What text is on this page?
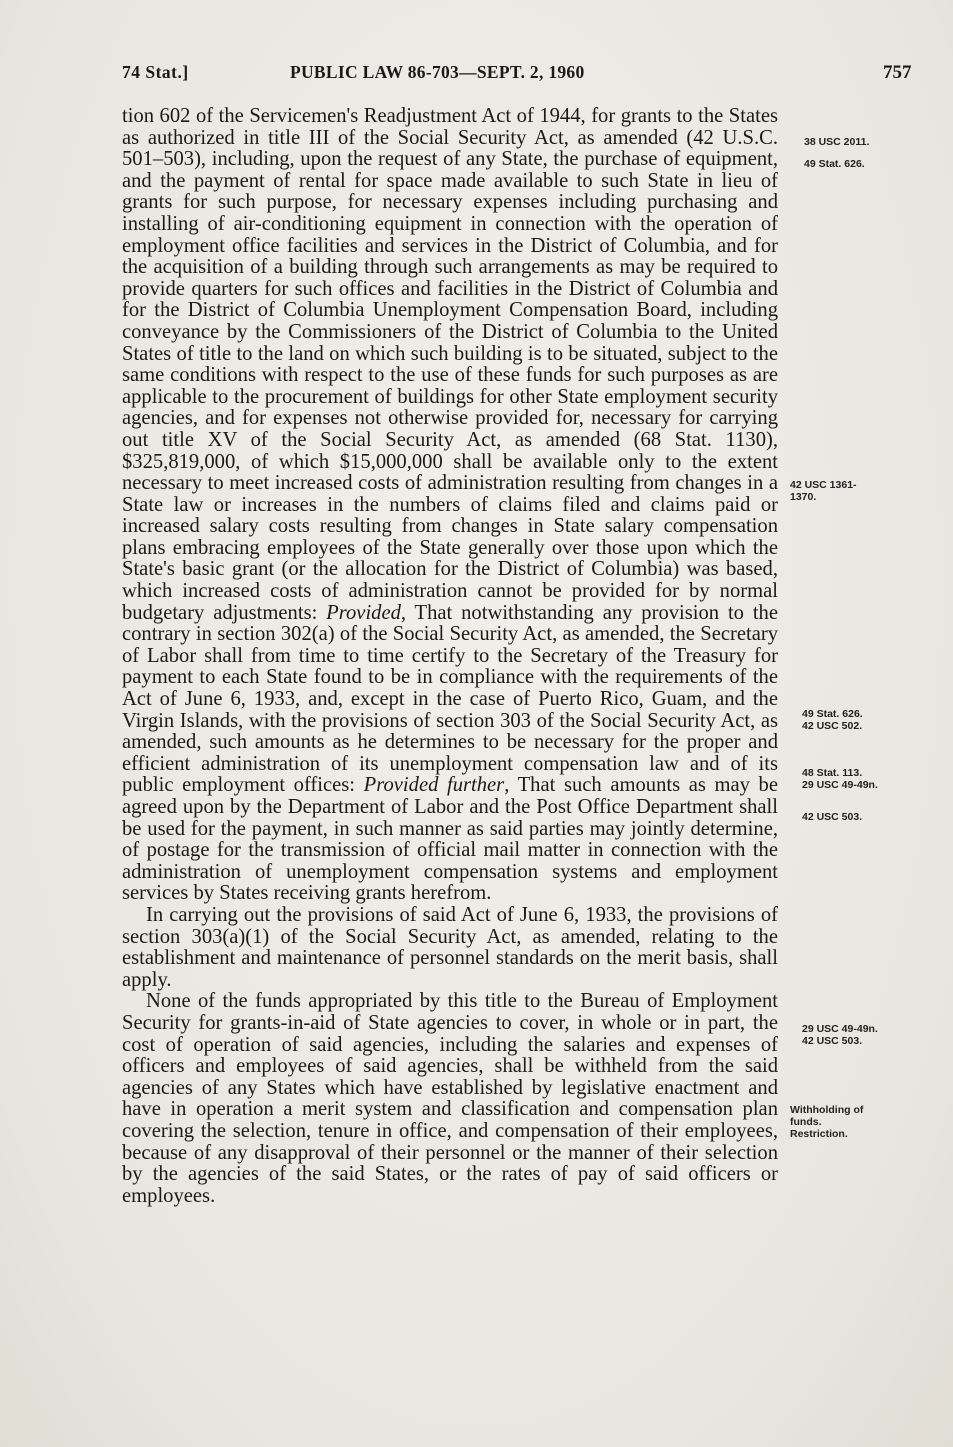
74 Stat.]	PUBLIC LAW 86-703—SEPT. 2, 1960	757

tion 602 of the Servicemen's Readjustment Act of 1944, for grants to the States as authorized in title III of the Social Security Act, as amended (42 U.S.C. 501–503), including, upon the request of any State, the purchase of equipment, and the payment of rental for space made available to such State in lieu of grants for such purpose, for necessary expenses including purchasing and installing of air-conditioning equipment in connection with the operation of employment office facilities and services in the District of Columbia, and for the acquisition of a building through such arrangements as may be required to provide quarters for such offices and facilities in the District of Columbia and for the District of Columbia Unemployment Compensation Board, including conveyance by the Commissioners of the District of Columbia to the United States of title to the land on which such building is to be situated, subject to the same conditions with respect to the use of these funds for such purposes as are applicable to the procurement of buildings for other State employment security agencies, and for expenses not otherwise provided for, necessary for carrying out title XV of the Social Security Act, as amended (68 Stat. 1130), $325,819,000, of which $15,000,000 shall be available only to the extent necessary to meet increased costs of administration resulting from changes in a State law or increases in the numbers of claims filed and claims paid or increased salary costs resulting from changes in State salary compensation plans embracing employees of the State generally over those upon which the State's basic grant (or the allocation for the District of Columbia) was based, which increased costs of administration cannot be provided for by normal budgetary adjustments: Provided, That notwithstanding any provision to the contrary in section 302(a) of the Social Security Act, as amended, the Secretary of Labor shall from time to time certify to the Secretary of the Treasury for payment to each State found to be in compliance with the requirements of the Act of June 6, 1933, and, except in the case of Puerto Rico, Guam, and the Virgin Islands, with the provisions of section 303 of the Social Security Act, as amended, such amounts as he determines to be necessary for the proper and efficient administration of its unemployment compensation law and of its public employment offices: Provided further, That such amounts as may be agreed upon by the Department of Labor and the Post Office Department shall be used for the payment, in such manner as said parties may jointly determine, of postage for the transmission of official mail matter in connection with the administration of unemployment compensation systems and employment services by States receiving grants herefrom.

In carrying out the provisions of said Act of June 6, 1933, the provisions of section 303(a)(1) of the Social Security Act, as amended, relating to the establishment and maintenance of personnel standards on the merit basis, shall apply.

None of the funds appropriated by this title to the Bureau of Employment Security for grants-in-aid of State agencies to cover, in whole or in part, the cost of operation of said agencies, including the salaries and expenses of officers and employees of said agencies, shall be withheld from the said agencies of any States which have established by legislative enactment and have in operation a merit system and classification and compensation plan covering the selection, tenure in office, and compensation of their employees, because of any disapproval of their personnel or the manner of their selection by the agencies of the said States, or the rates of pay of said officers or employees.

38 USC 2011.
49 Stat. 626.
42 USC 1361-
1370.
49 Stat. 626.
42 USC 502.
48 Stat. 113.
29 USC 49-49n.
42 USC 503.
29 USC 49-49n.
42 USC 503.
Withholding of
funds.
Restriction.
